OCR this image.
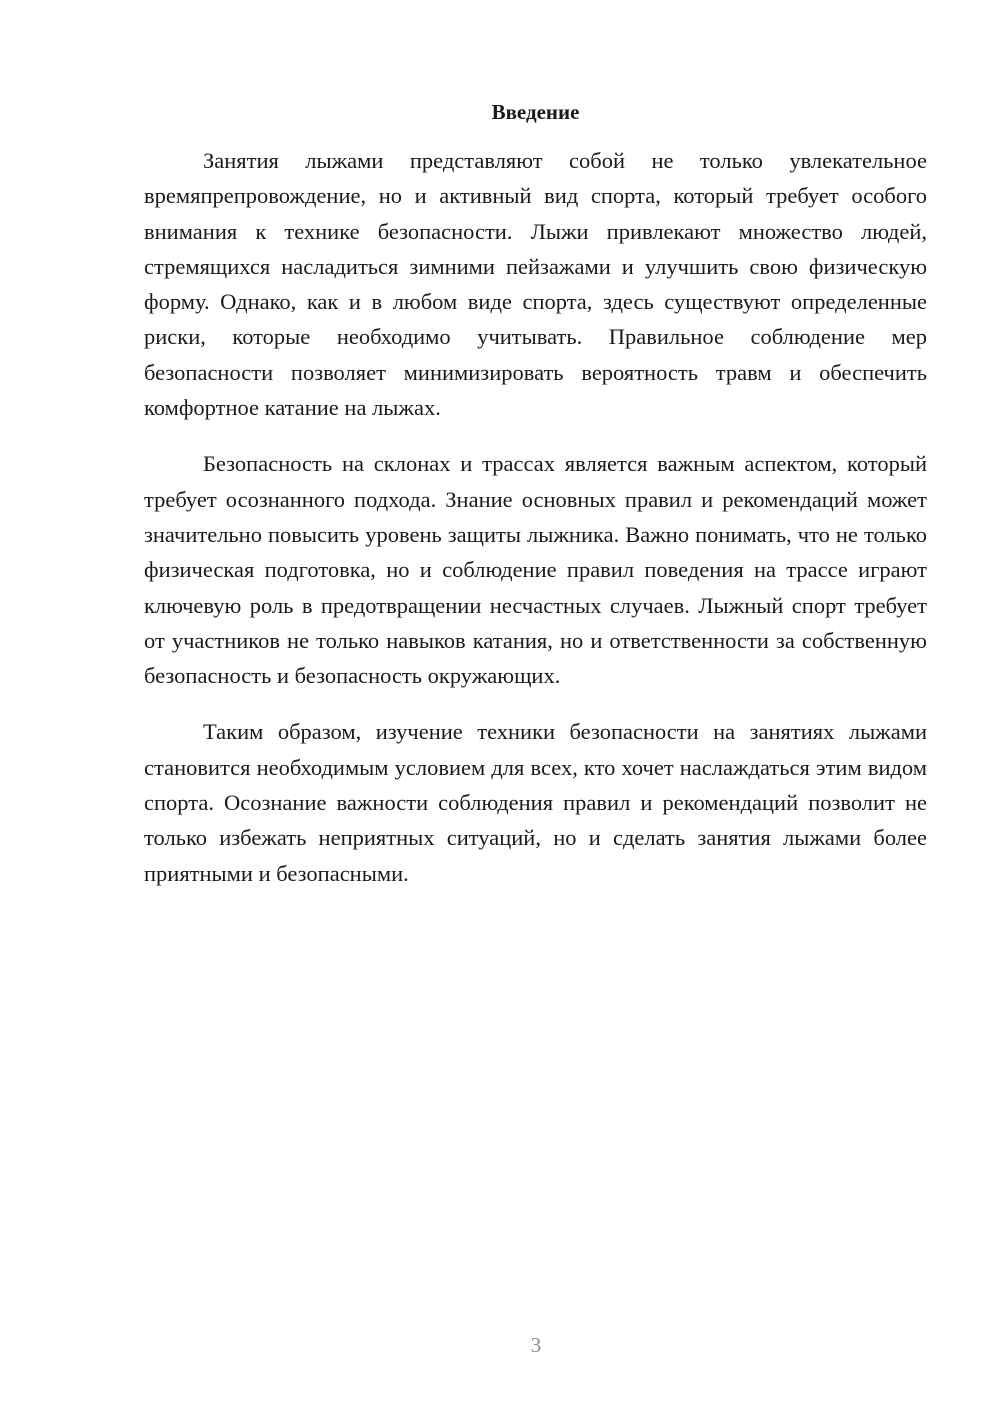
Введение

Занятия лыжами представляют собой не только увлекательное времяпрепровождение, но и активный вид спорта, который требует особого внимания к технике безопасности. Лыжи привлекают множество людей, стремящихся насладиться зимними пейзажами и улучшить свою физическую форму. Однако, как и в любом виде спорта, здесь существуют определенные риски, которые необходимо учитывать. Правильное соблюдение мер безопасности позволяет минимизировать вероятность травм и обеспечить комфортное катание на лыжах.

Безопасность на склонах и трассах является важным аспектом, который требует осознанного подхода. Знание основных правил и рекомендаций может значительно повысить уровень защиты лыжника. Важно понимать, что не только физическая подготовка, но и соблюдение правил поведения на трассе играют ключевую роль в предотвращении несчастных случаев. Лыжный спорт требует от участников не только навыков катания, но и ответственности за собственную безопасность и безопасность окружающих.

Таким образом, изучение техники безопасности на занятиях лыжами становится необходимым условием для всех, кто хочет наслаждаться этим видом спорта. Осознание важности соблюдения правил и рекомендаций позволит не только избежать неприятных ситуаций, но и сделать занятия лыжами более приятными и безопасными.

3
